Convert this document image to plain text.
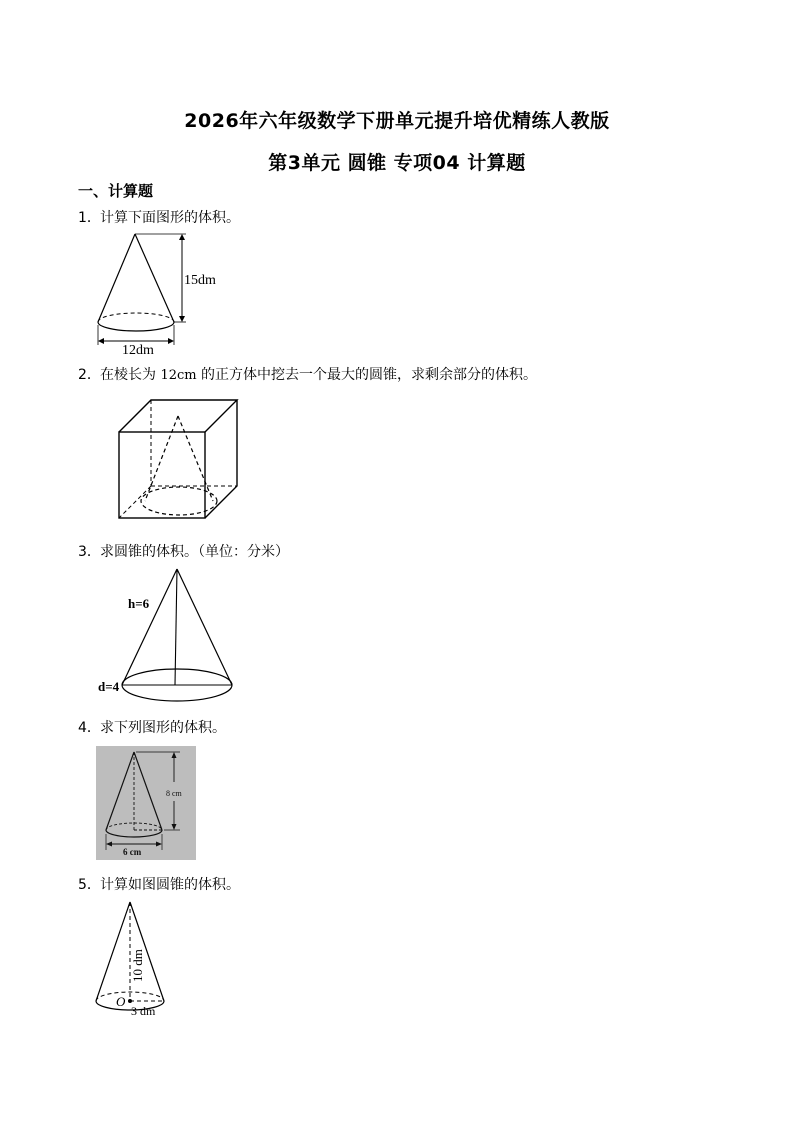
2026年六年级数学下册单元提升培优精练人教版
第3单元 圆锥 专项04 计算题
一、计算题
1．计算下面图形的体积。
15dm
12dm
2．在棱长为 12cm 的正方体中挖去一个最大的圆锥，求剩余部分的体积。
3．求圆锥的体积。（单位：分米）
h=6
d=4
4．求下列图形的体积。
8 cm
6 cm
5．计算如图圆锥的体积。
10 dm
O
3 dm
